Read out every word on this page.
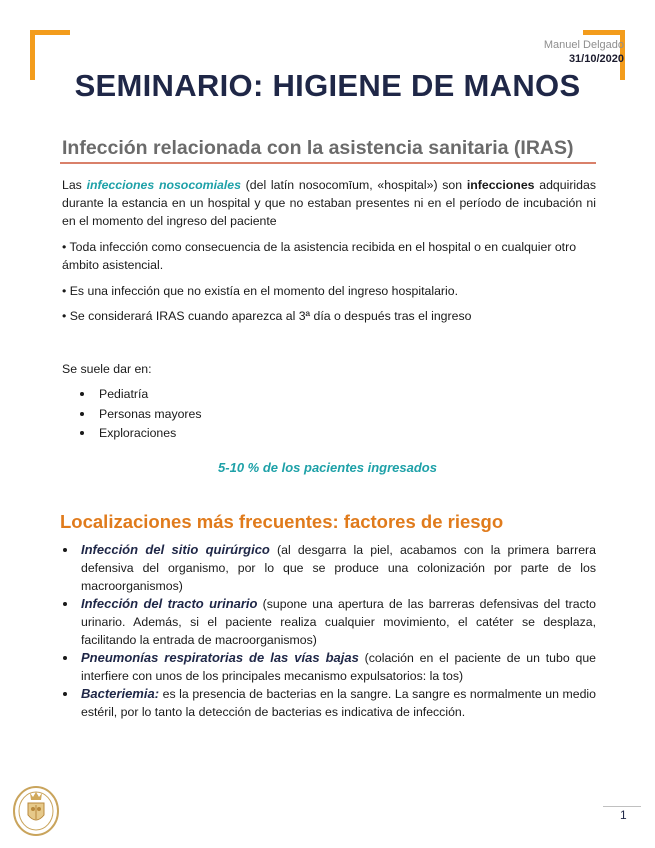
Manuel Delgado
31/10/2020
SEMINARIO: HIGIENE DE MANOS
Infección relacionada con la asistencia sanitaria (IRAS)

Las infecciones nosocomiales (del latín nosocomīum, «hospital») son infecciones adquiridas durante la estancia en un hospital y que no estaban presentes ni en el período de incubación ni en el momento del ingreso del paciente

• Toda infección como consecuencia de la asistencia recibida en el hospital o en cualquier otro ámbito asistencial.

• Es una infección que no existía en el momento del ingreso hospitalario.

• Se considerará IRAS cuando aparezca al 3ª día o después tras el ingreso

Se suele dar en:

Pediatría
Personas mayores
Exploraciones

5-10 % de los pacientes ingresados

Localizaciones más frecuentes: factores de riesgo
Infección del sitio quirúrgico (al desgarra la piel, acabamos con la primera barrera defensiva del organismo, por lo que se produce una colonización por parte de los macroorganismos)
Infección del tracto urinario (supone una apertura de las barreras defensivas del tracto urinario. Además, si el paciente realiza cualquier movimiento, el catéter se desplaza, facilitando la entrada de macroorganismos)
Pneumonías respiratorias de las vías bajas (colación en el paciente de un tubo que interfiere con unos de los principales mecanismo expulsatorios: la tos)
Bacteriemia: es la presencia de bacterias en la sangre. La sangre es normalmente un medio estéril, por lo tanto la detección de bacterias es indicativa de infección.
1
